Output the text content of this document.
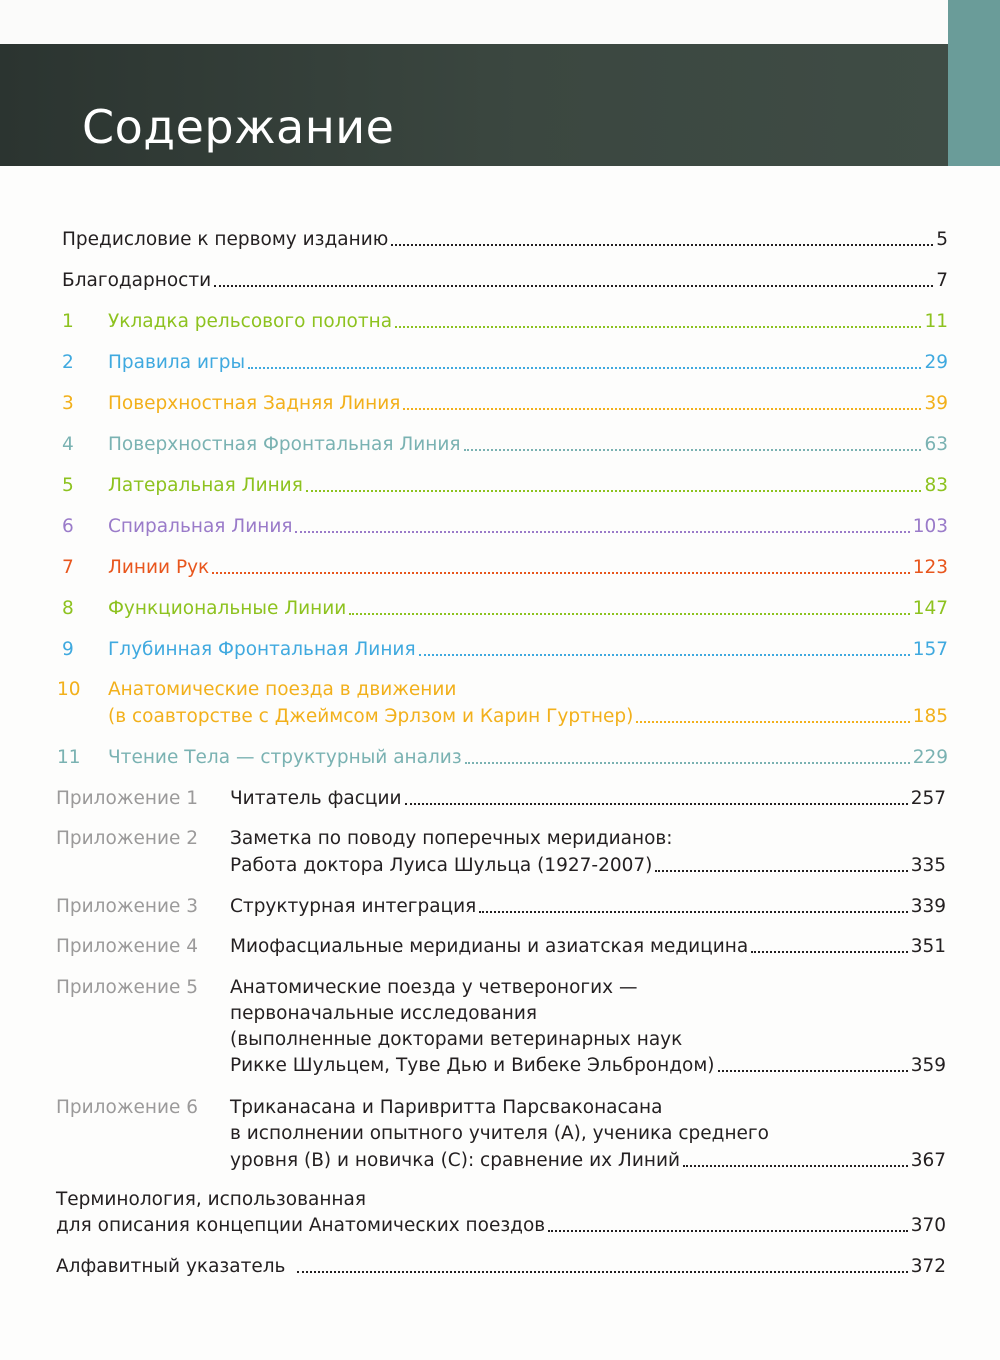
Содержание
Предисловие к первому изданию	5
Благодарности	7
1 Укладка рельсового полотна	11
2 Правила игры	29
3 Поверхностная Задняя Линия	39
4 Поверхностная Фронтальная Линия	63
5 Латеральная Линия	83
6 Спиральная Линия	103
7 Линии Рук	123
8 Функциональные Линии	147
9 Глубинная Фронтальная Линия	157
10 Анатомические поезда в движении
(в соавторстве с Джеймсом Эрлзом и Карин Гуртнер)	185
11 Чтение Тела — структурный анализ	229
Приложение 1 Читатель фасции	257
Приложение 2 Заметка по поводу поперечных меридианов:
Работа доктора Луиса Шульца (1927-2007)	335
Приложение 3 Структурная интеграция	339
Приложение 4 Миофасциальные меридианы и азиатская медицина	351
Приложение 5 Анатомические поезда у четвероногих —
первоначальные исследования
(выполненные докторами ветеринарных наук
Рикке Шульцем, Туве Дью и Вибеке Эльброндом)	359
Приложение 6 Триканасана и Паривритта Парсваконасана
в исполнении опытного учителя (A), ученика среднего
уровня (B) и новичка (C): сравнение их Линий	367
Терминология, использованная
для описания концепции Анатомических поездов	370
Алфавитный указатель	372
